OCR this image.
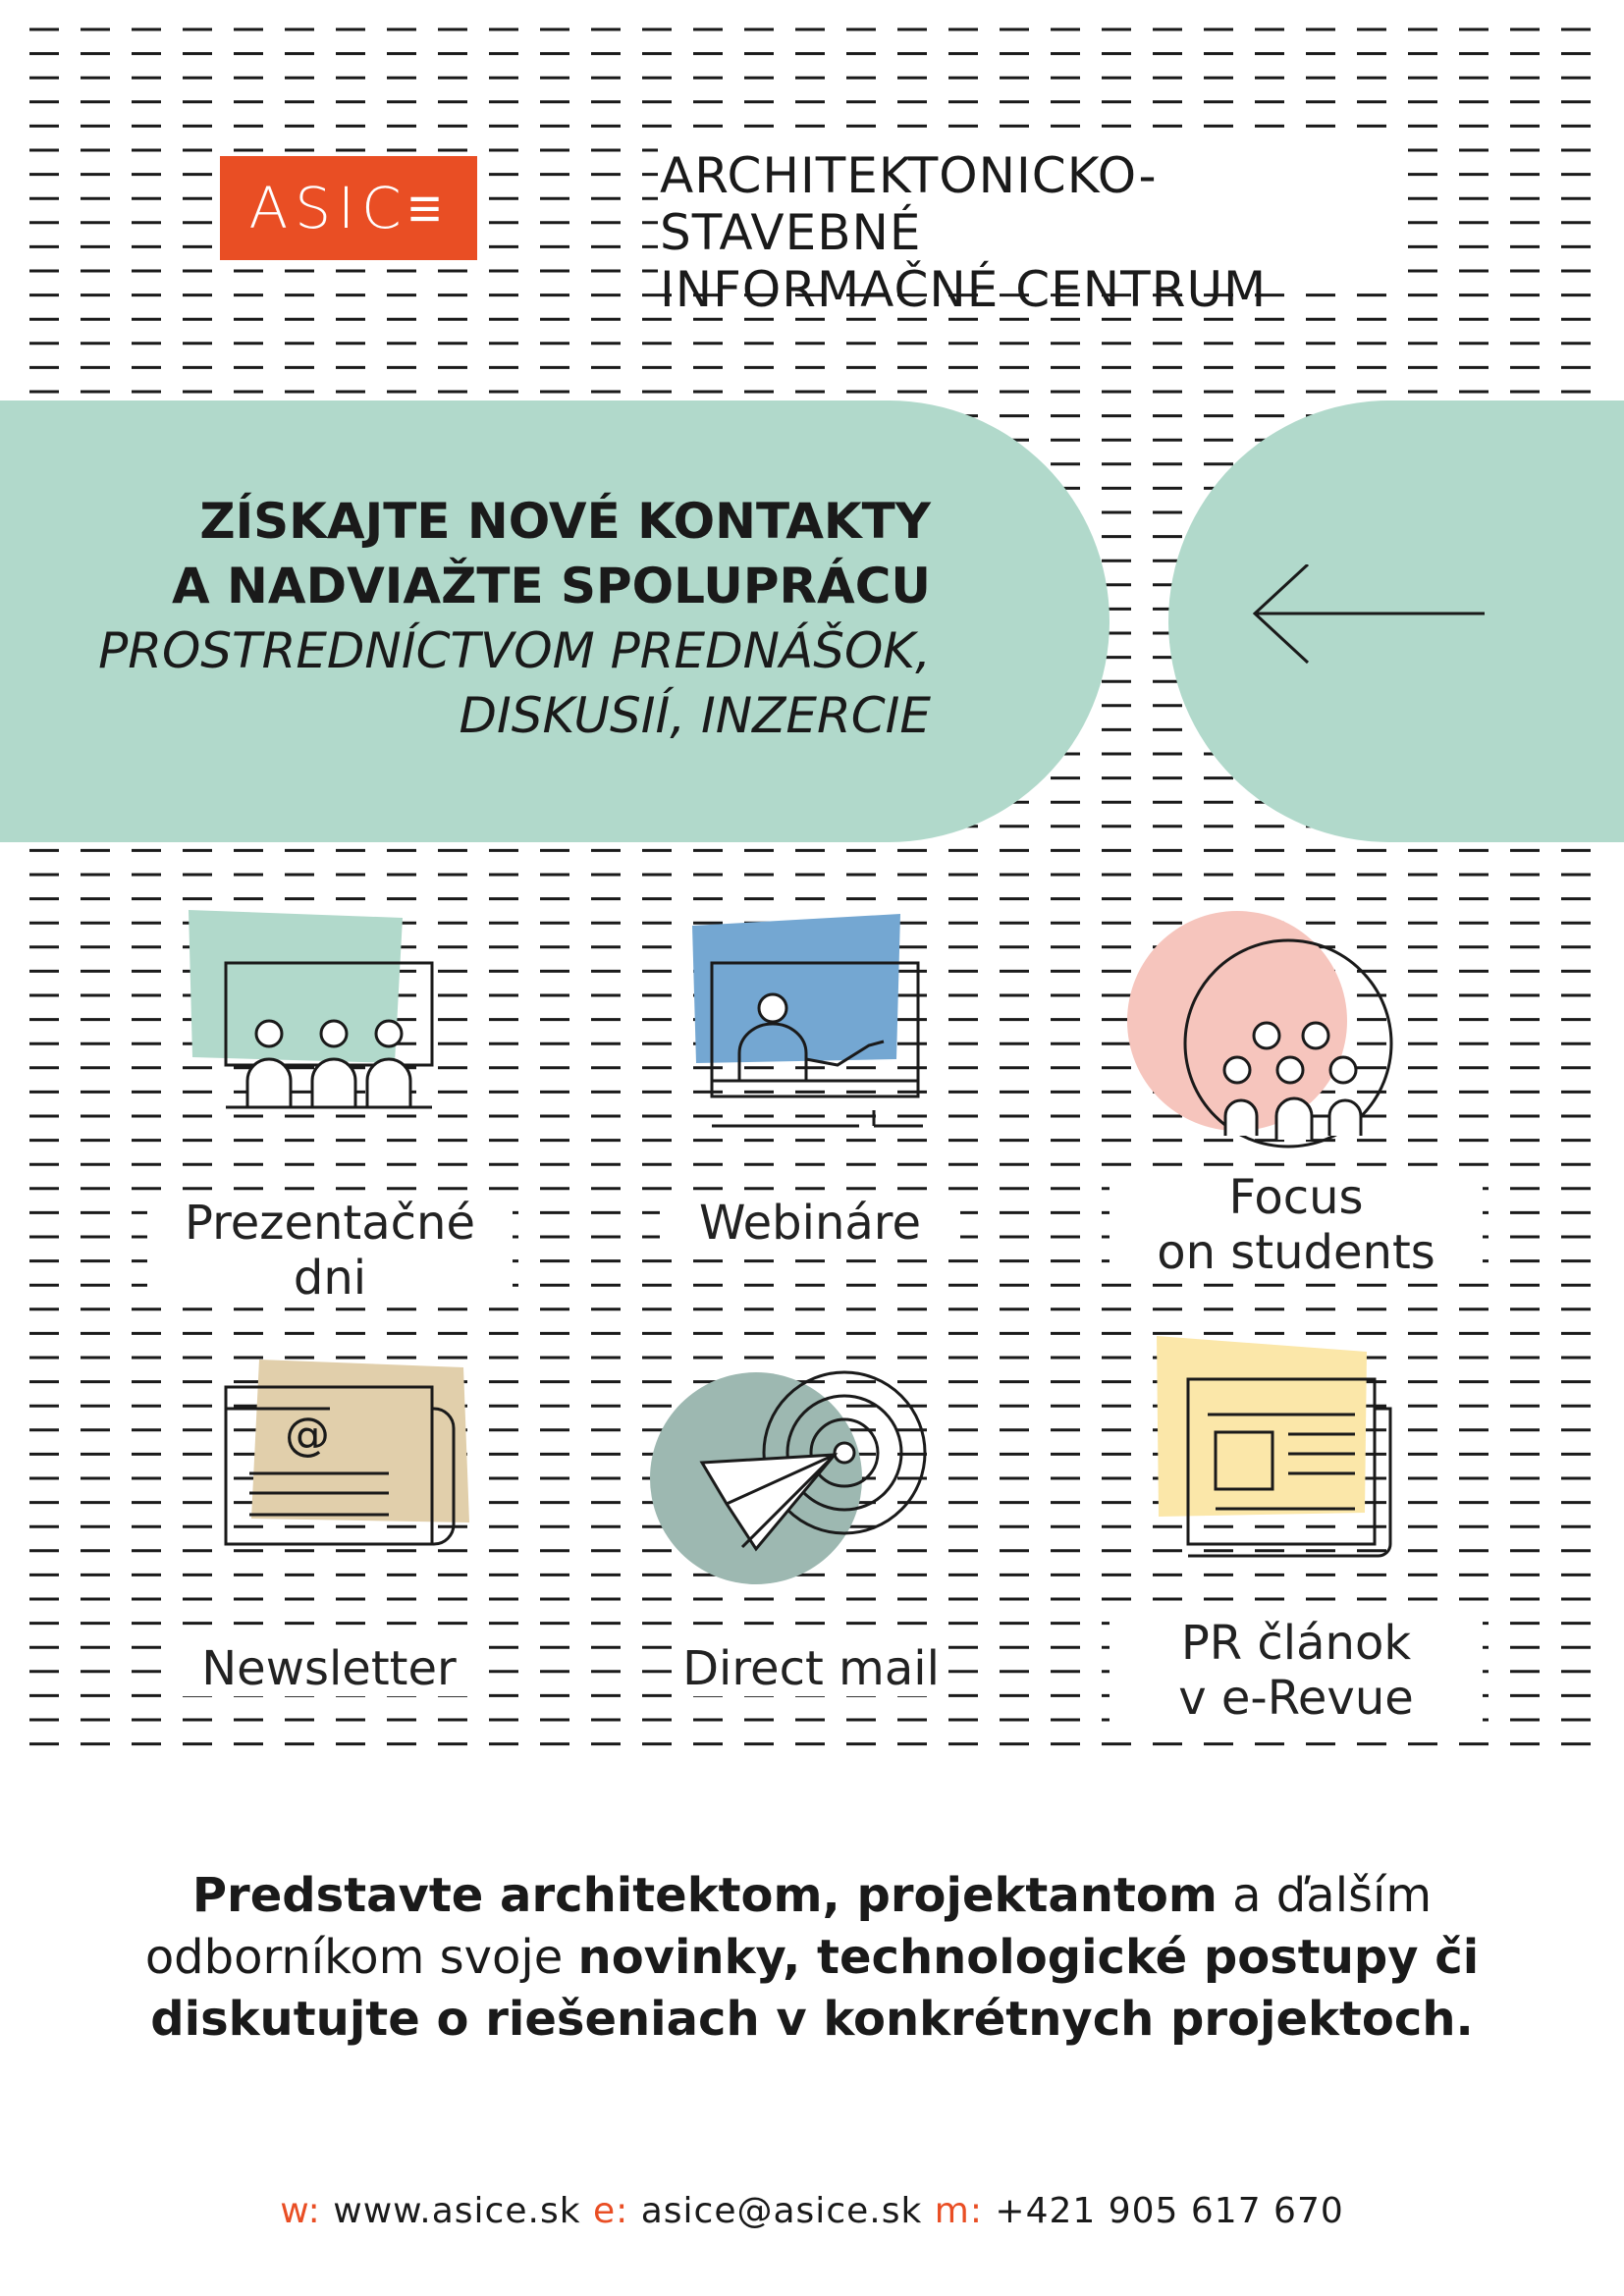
ASIC≡	ARCHITEKTONICKO-STAVEBNÉ
INFORMAČNÉ CENTRUM
ZÍSKAJTE NOVÉ KONTAKTY
A NADVIAŽTE SPOLUPRÁCU
PROSTREDNÍCTVOM PREDNÁŠOK,
DISKUSIÍ, INZERCIE
Prezentačné dni
Webináre	Focus
on students
@
Newsletter	Direct mail	PR článok
v e-Revue
Predstavte architektom, projektantom a ďalším
odborníkom svoje novinky, technologické postupy či
diskutujte o riešeniach v konkrétnych projektoch.
w: www.asice.sk e: asice@asice.sk m: +421 905 617 670
